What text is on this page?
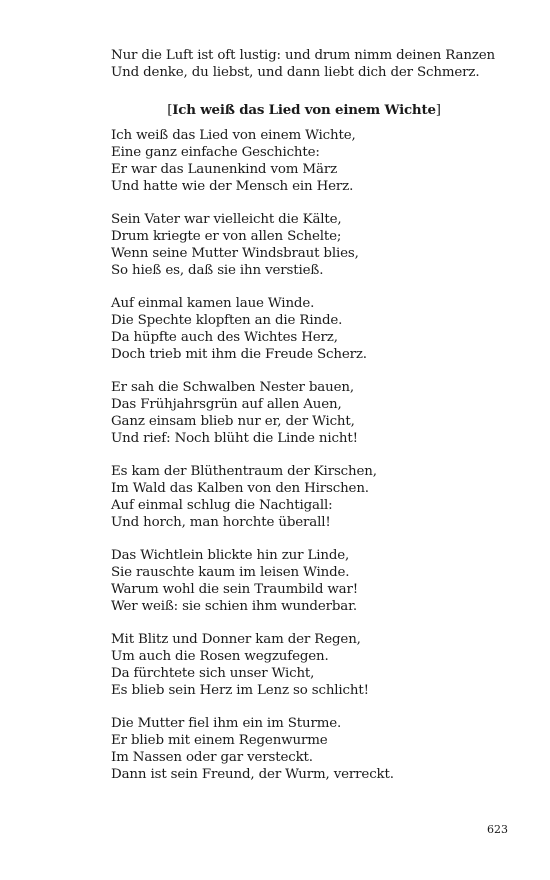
Nur die Luft ist oft lustig: und drum nimm deinen Ranzen
Und denke, du liebst, und dann liebt dich der Schmerz.
[Ich weiß das Lied von einem Wichte]
Ich weiß das Lied von einem Wichte,
Eine ganz einfache Geschichte:
Er war das Launenkind vom März
Und hatte wie der Mensch ein Herz.
Sein Vater war vielleicht die Kälte,
Drum kriegte er von allen Schelte;
Wenn seine Mutter Windsbraut blies,
So hieß es, daß sie ihn verstieß.
Auf einmal kamen laue Winde.
Die Spechte klopften an die Rinde.
Da hüpfte auch des Wichtes Herz,
Doch trieb mit ihm die Freude Scherz.
Er sah die Schwalben Nester bauen,
Das Frühjahrsgrün auf allen Auen,
Ganz einsam blieb nur er, der Wicht,
Und rief: Noch blüht die Linde nicht!
Es kam der Blüthentraum der Kirschen,
Im Wald das Kalben von den Hirschen.
Auf einmal schlug die Nachtigall:
Und horch, man horchte überall!
Das Wichtlein blickte hin zur Linde,
Sie rauschte kaum im leisen Winde.
Warum wohl die sein Traumbild war!
Wer weiß: sie schien ihm wunderbar.
Mit Blitz und Donner kam der Regen,
Um auch die Rosen wegzufegen.
Da fürchtete sich unser Wicht,
Es blieb sein Herz im Lenz so schlicht!
Die Mutter fiel ihm ein im Sturme.
Er blieb mit einem Regenwurme
Im Nassen oder gar versteckt.
Dann ist sein Freund, der Wurm, verreckt.
623
